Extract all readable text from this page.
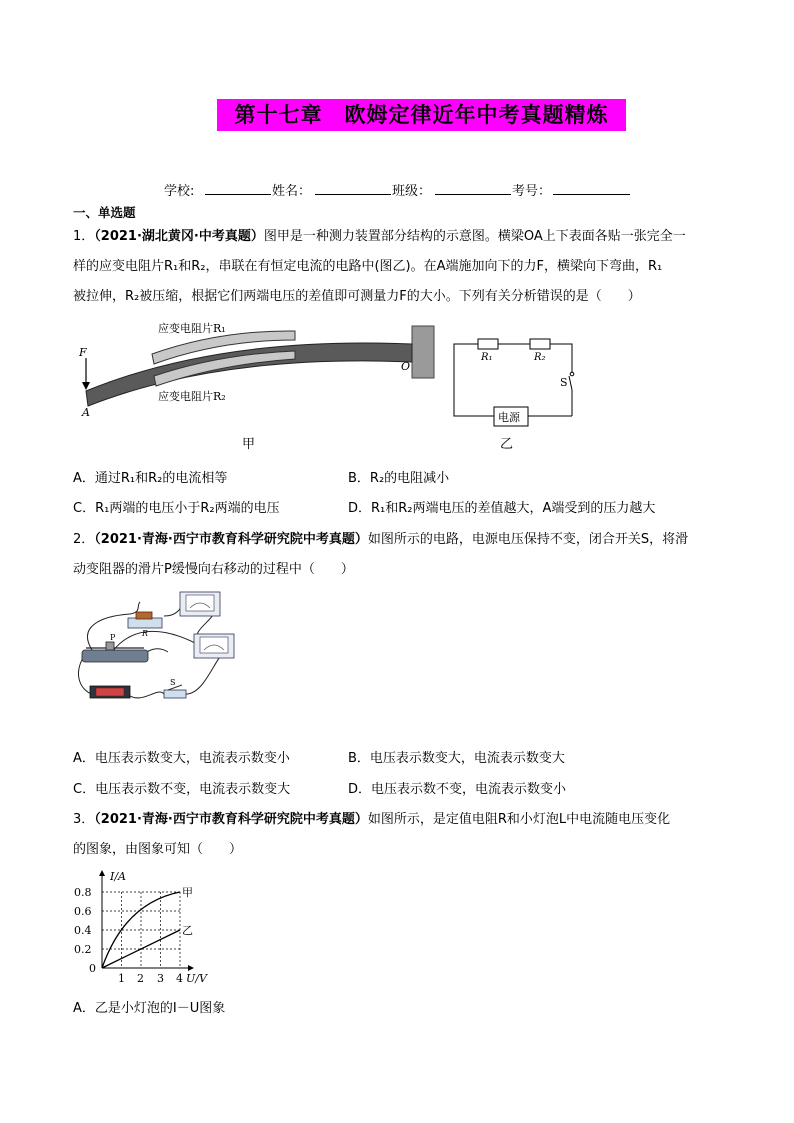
第十七章　欧姆定律近年中考真题精炼
学校:	姓名：	班级：	考号：
一、单选题
1．（2021·湖北黄冈·中考真题）图甲是一种测力装置部分结构的示意图。横梁OA上下表面各贴一张完全一
样的应变电阻片R₁和R₂，串联在有恒定电流的电路中(图乙)。在A端施加向下的力F，横梁向下弯曲，R₁
被拉伸，R₂被压缩，根据它们两端电压的差值即可测量力F的大小。下列有关分析错误的是（　　）
F
A
O
应变电阻片R₁
应变电阻片R₂
甲
R₁	R₂
S
电源
乙
A．通过R₁和R₂的电流相等	B．R₂的电阻减小
C．R₁两端的电压小于R₂两端的电压	D．R₁和R₂两端电压的差值越大，A端受到的压力越大
2．（2021·青海·西宁市教育科学研究院中考真题）如图所示的电路，电源电压保持不变，闭合开关S，将滑
动变阻器的滑片P缓慢向右移动的过程中（　　）
R
P
S
A．电压表示数变大，电流表示数变小	B．电压表示数变大，电流表示数变大
C．电压表示数不变，电流表示数变大	D．电压表示数不变，电流表示数变小
3．（2021·青海·西宁市教育科学研究院中考真题）如图所示，是定值电阻R和小灯泡L中电流随电压变化
的图象，由图象可知（　　）
I/A
0.8
0.6
0.4
0.2
0
1 2 3 4 U/V
甲
乙
A．乙是小灯泡的I－U图象
